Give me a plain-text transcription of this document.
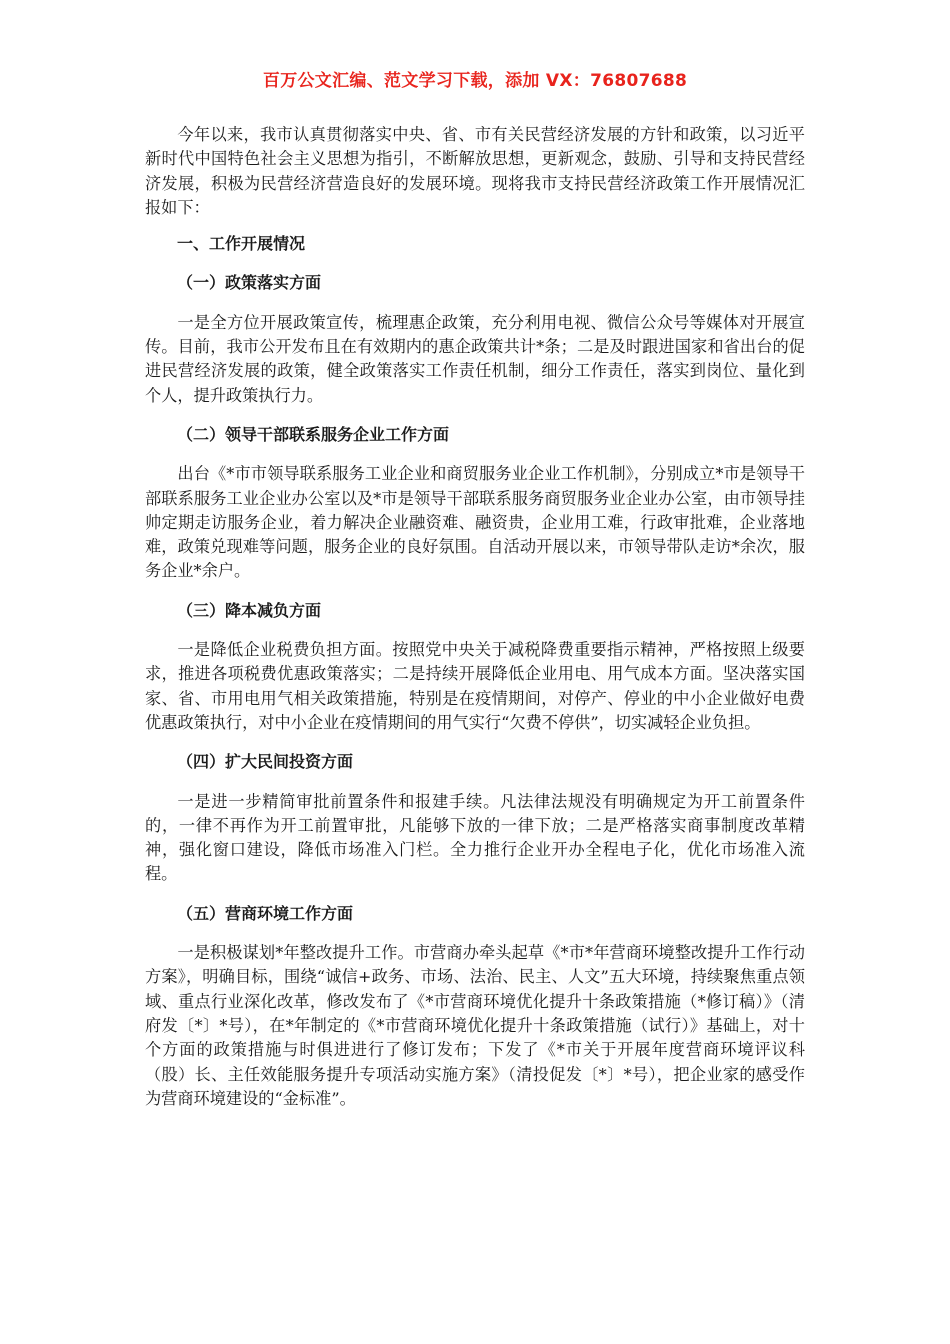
百万公文汇编、范文学习下载，添加 VX：76807688

今年以来，我市认真贯彻落实中央、省、市有关民营经济发展的方针和政策，以习近平新时代中国特色社会主义思想为指引，不断解放思想，更新观念，鼓励、引导和支持民营经济发展，积极为民营经济营造良好的发展环境。现将我市支持民营经济政策工作开展情况汇报如下：

一、工作开展情况

（一）政策落实方面

一是全方位开展政策宣传，梳理惠企政策，充分利用电视、微信公众号等媒体对开展宣传。目前，我市公开发布且在有效期内的惠企政策共计*条；二是及时跟进国家和省出台的促进民营经济发展的政策，健全政策落实工作责任机制，细分工作责任，落实到岗位、量化到个人，提升政策执行力。

（二）领导干部联系服务企业工作方面

出台《*市市领导联系服务工业企业和商贸服务业企业工作机制》，分别成立*市是领导干部联系服务工业企业办公室以及*市是领导干部联系服务商贸服务业企业办公室，由市领导挂帅定期走访服务企业，着力解决企业融资难、融资贵，企业用工难，行政审批难，企业落地难，政策兑现难等问题，服务企业的良好氛围。自活动开展以来，市领导带队走访*余次，服务企业*余户。

（三）降本减负方面

一是降低企业税费负担方面。按照党中央关于减税降费重要指示精神，严格按照上级要求，推进各项税费优惠政策落实；二是持续开展降低企业用电、用气成本方面。坚决落实国家、省、市用电用气相关政策措施，特别是在疫情期间，对停产、停业的中小企业做好电费优惠政策执行，对中小企业在疫情期间的用气实行“欠费不停供”，切实减轻企业负担。

（四）扩大民间投资方面

一是进一步精简审批前置条件和报建手续。凡法律法规没有明确规定为开工前置条件的，一律不再作为开工前置审批，凡能够下放的一律下放；二是严格落实商事制度改革精神，强化窗口建设，降低市场准入门栏。全力推行企业开办全程电子化，优化市场准入流程。

（五）营商环境工作方面

一是积极谋划*年整改提升工作。市营商办牵头起草《*市*年营商环境整改提升工作行动方案》，明确目标，围绕“诚信+政务、市场、法治、民主、人文”五大环境，持续聚焦重点领域、重点行业深化改革，修改发布了《*市营商环境优化提升十条政策措施（*修订稿）》（清府发〔*〕*号），在*年制定的《*市营商环境优化提升十条政策措施（试行）》基础上，对十个方面的政策措施与时俱进进行了修订发布；下发了《*市关于开展年度营商环境评议科（股）长、主任效能服务提升专项活动实施方案》（清投促发〔*〕*号），把企业家的感受作为营商环境建设的“金标准”。
